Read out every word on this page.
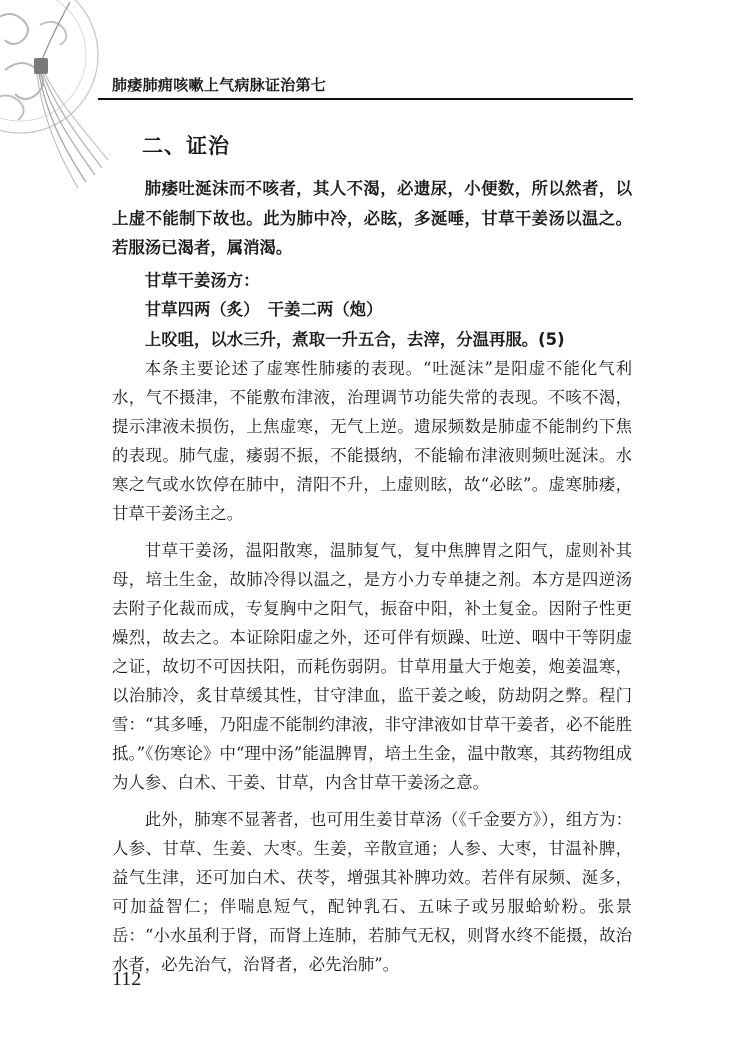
肺痿肺痈咳嗽上气病脉证治第七
二、证治

肺痿吐涎沫而不咳者，其人不渴，必遗尿，小便数，所以然者，以上虚不能制下故也。此为肺中冷，必眩，多涎唾，甘草干姜汤以温之。若服汤已渴者，属消渴。

甘草干姜汤方：

甘草四两（炙）　干姜二两（炮）

上㕮咀，以水三升，煮取一升五合，去滓，分温再服。(5)

本条主要论述了虚寒性肺痿的表现。“吐涎沫”是阳虚不能化气利水，气不摄津，不能敷布津液，治理调节功能失常的表现。不咳不渴，提示津液未损伤，上焦虚寒，无气上逆。遗尿频数是肺虚不能制约下焦的表现。肺气虚，痿弱不振，不能摄纳，不能输布津液则频吐涎沫。水寒之气或水饮停在肺中，清阳不升，上虚则眩，故“必眩”。虚寒肺痿，甘草干姜汤主之。

甘草干姜汤，温阳散寒，温肺复气，复中焦脾胃之阳气，虚则补其母，培土生金，故肺冷得以温之，是方小力专单捷之剂。本方是四逆汤去附子化裁而成，专复胸中之阳气，振奋中阳，补土复金。因附子性更燥烈，故去之。本证除阳虚之外，还可伴有烦躁、吐逆、咽中干等阴虚之证，故切不可因扶阳，而耗伤弱阴。甘草用量大于炮姜，炮姜温寒，以治肺冷，炙甘草缓其性，甘守津血，监干姜之峻，防劫阴之弊。程门雪：“其多唾，乃阳虚不能制约津液，非守津液如甘草干姜者，必不能胜抵。”《伤寒论》中“理中汤”能温脾胃，培土生金，温中散寒，其药物组成为人参、白术、干姜、甘草，内含甘草干姜汤之意。

此外，肺寒不显著者，也可用生姜甘草汤（《千金要方》），组方为：人参、甘草、生姜、大枣。生姜，辛散宣通；人参、大枣，甘温补脾，益气生津，还可加白术、茯苓，增强其补脾功效。若伴有尿频、涎多，可加益智仁；伴喘息短气，配钟乳石、五味子或另服蛤蚧粉。张景岳：“小水虽利于肾，而肾上连肺，若肺气无权，则肾水终不能摄，故治水者，必先治气，治肾者，必先治肺”。

112
